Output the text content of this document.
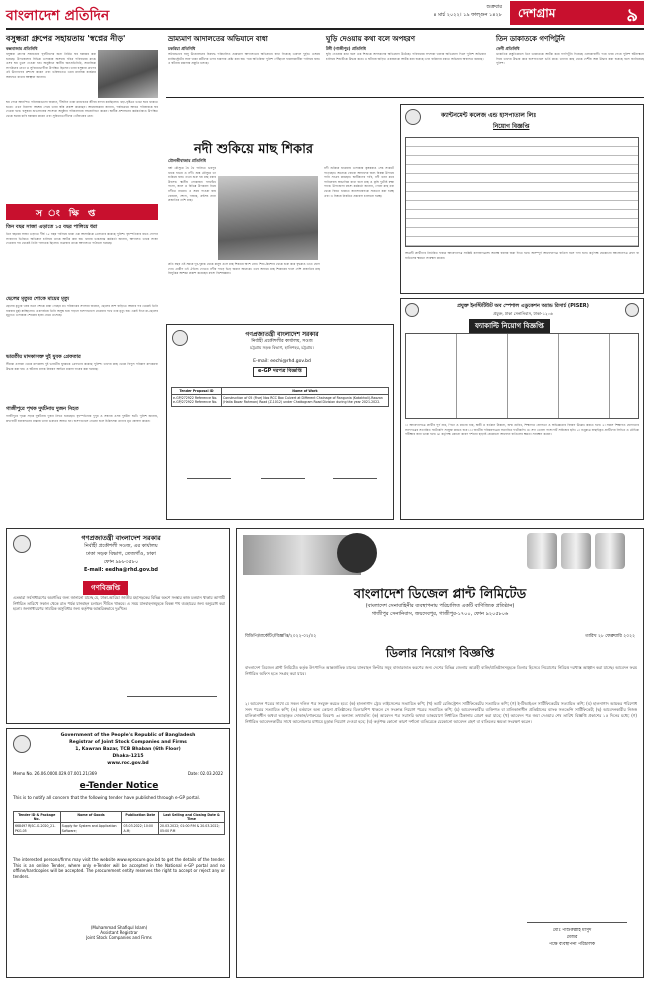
বাংলাদেশ প্রতিদিন
শুক্রবার
৪ মার্চ ২০২২। ১৯ ফাল্গুন ১৪২৮ দেশগ্রাম	৯
বসুন্ধরা গ্রুপের সহায়তায় 'স্বপ্নের নীড়'
কক্সবাজার প্রতিনিধি
বসুন্ধরা গ্রুপের সহায়তায় গৃহহীনদের জন্য নির্মিত ঘর হস্তান্তর করা হয়েছে। উপজেলার বিভিন্ন এলাকায় অসহায় দরিদ্র পরিবারের মাঝে এসব ঘর তুলে দেওয়া হয়। অনুষ্ঠানে স্থানীয় জনপ্রতিনিধি, সামাজিক সংগঠনের নেতা ও সুবিধাভোগীরা উপস্থিত ছিলেন। তারা বসুন্ধরা গ্রুপের এই উদ্যোগের প্রশংসা করেন এবং ভবিষ্যতেও এমন মানবিক কার্যক্রম অব্যাহত রাখার আহ্বান জানান।
ঘর পেয়ে আনন্দিত পরিবারগুলো জানান, দীর্ঘদিন তারা মানবেতর জীবন যাপন করছিলেন। ঝড়-বৃষ্টিতে ভাঙা ঘরে থাকতে হতো। এখন নিরাপদ আশ্রয় পেয়ে তারা স্বস্তি প্রকাশ করেছেন। আয়োজকরা জানান, পর্যায়ক্রমে আরও পরিবারকে ঘর দেওয়া হবে। বসুন্ধরা শুভসংঘের সদস্যরা অনুষ্ঠান পরিচালনায় সহযোগিতা করেন। স্থানীয় প্রশাসনের কর্মকর্তারাও উপস্থিত থেকে ঘরের চাবি হস্তান্তর করেন এবং সুবিধাভোগীদের খোঁজখবর নেন।
স ং ক্ষি প্ত
তিন বছর সাজা এড়াতে ১৫ বছর পালিয়ে ধরা
তিন বছরের সাজা এড়াতে দীর্ঘ ১৫ বছর পালিয়ে থাকা এক আসামিকে গ্রেফতার করেছে পুলিশ। বৃহস্পতিবার রাতে গোপন সংবাদের ভিত্তিতে অভিযান চালিয়ে তাকে আটক করা হয়। থানার ভারপ্রাপ্ত কর্মকর্তা জানান, আদালত তাকে সাজা দেওয়ার পর থেকেই তিনি পলাতক ছিলেন। শুক্রবার তাকে আদালতে পাঠানো হয়েছে।
ছেলের মৃত্যুর শোকে মায়ের মৃত্যু
ছেলের মৃত্যুর খবর শুনে শোকে মারা গেছেন মা। পরিবারের সদস্যরা জানান, ছেলের লাশ বাড়িতে আনার পর থেকেই তিনি বারবার মূর্ছা যাচ্ছিলেন। একপর্যায়ে তিনি অসুস্থ হয়ে পড়লে হাসপাতালে নেওয়ার পথে তার মৃত্যু হয়। একই দিনে মা-ছেলের মৃত্যুতে এলাকায় শোকের ছায়া নেমে এসেছে।
ভারতীয় মাদকাসক্ত দুই যুবক গ্রেফতার
সীমান্ত এলাকা থেকে মাদকসহ দুই ভারতীয় যুবককে গ্রেফতার করেছে পুলিশ। তাদের কাছ থেকে বিপুল পরিমাণ মাদকদ্রব্য উদ্ধার করা হয়। এ ঘটনায় মাদক নিয়ন্ত্রণ আইনে মামলা দায়ের করা হয়েছে।
গাজীপুরে পৃথক দুর্ঘটনায় দুজন নিহত
গাজীপুরে পৃথক সড়ক দুর্ঘটনায় দুজন নিহত হয়েছেন। বৃহস্পতিবার দুপুর ও সন্ধ্যায় এসব দুর্ঘটনা ঘটে। পুলিশ জানায়, দ্রুতগামী যানবাহনের ধাক্কায় তারা গুরুতর আহত হন। হাসপাতালে নেওয়া হলে চিকিৎসক তাদের মৃত ঘোষণা করেন।
ভ্রাম্যমাণ আদালতের অভিযানে বাধা
চকরিয়া প্রতিনিধি
অবৈধভাবে বালু উত্তোলনের বিরুদ্ধে পরিচালিত ভ্রাম্যমাণ আদালতের অভিযানে বাধা দিয়েছে একদল দুর্বৃত্ত। এসময় ম্যাজিস্ট্রেটের সঙ্গে থাকা কর্মীদের ওপর হামলার চেষ্টা করা হয়। পরে অতিরিক্ত পুলিশ পৌঁছালে হামলাকারীরা পালিয়ে যায়। এ ঘটনায় মামলার প্রস্তুতি চলছে।
ঘুড়ি দেওয়ায় কথা বলে অপহরণ
টঙ্গী (গাজীপুর) প্রতিনিধি
ঘুড়ি দেওয়ার কথা বলে এক শিশুকে অপহরণের অভিযোগ উঠেছে। পরিবারের সদস্যরা থানায় অভিযোগ দিলে পুলিশ অভিযান চালিয়ে শিশুটিকে উদ্ধার করে। এ ঘটনায় জড়িত একজনকে আটক করা হয়েছে এবং বাকিদের ধরতে অভিযান অব্যাহত রয়েছে।
তিন ডাকাতকে গণপিটুনি
ফেনী প্রতিনিধি
ডাকাতির প্রস্তুতিকালে তিন ডাকাতকে আটক করে গণপিটুনি দিয়েছে এলাকাবাসী। পরে খবর পেয়ে পুলিশ ঘটনাস্থলে গিয়ে তাদের উদ্ধার করে হাসপাতালে ভর্তি করে। তাদের কাছ থেকে দেশীয় অস্ত্র উদ্ধার করা হয়েছে বলে জানিয়েছে পুলিশ।
নদী শুকিয়ে মাছ শিকার
মৌলভীবাজার প্রতিনিধি
বর্ষা মৌসুমে থৈ থৈ পানিতে ভরপুর থাকে হাওর ও নদী। শুষ্ক মৌসুমে তা শুকিয়ে যায়। তখন শুরু হয় মাছ ধরার উৎসব। স্থানীয় লোকজন দলবেঁধে পলো, জাল ও বিভিন্ন উপকরণ নিয়ে নদীতে নামেন। এ সময় পাওয়া যায় বোয়াল, শোল, গজার, রুইসহ নানা প্রজাতির দেশি মাছ।
প্রতি বছর এই সময়ে দূর-দূরান্ত থেকে মানুষ এসে মাছ শিকারে অংশ নেন। শিশু-কিশোর থেকে শুরু করে বৃদ্ধরাও এতে যোগ দেন। গ্রামীণ এই ঐতিহ্য দেখতে নদীর পাড়ে ভিড় জমান অনেকে। তবে অবাধে মাছ শিকারের ফলে দেশি প্রজাতির মাছ বিলুপ্তির আশঙ্কা প্রকাশ করেছেন মৎস্য বিশেষজ্ঞরা।
নদী শুকিয়ে যাওয়ায় এলাকার কৃষকরাও সেচ সংকটে পড়েছেন। অনেকে বোরো আবাদের জন্য বিকল্প উপায়ে পানি সংগ্রহ করছেন। স্থানীয়দের দাবি, নদী খনন করে পানিপ্রবাহ স্বাভাবিক রাখা হলে মাছ ও কৃষি দুটোই রক্ষা পাবে। উপজেলা মৎস্য কর্মকর্তা জানান, পোনা মাছ ধরা থেকে বিরত থাকতে জনসাধারণকে সচেতন করা হচ্ছে এবং এ বিষয়ে নিয়মিত প্রচারণা চালানো হচ্ছে।
ক্যান্টনমেন্ট কলেজ এন্ড হাসপাতাল লিঃ
নিয়োগ বিজ্ঞপ্তি
আগ্রহী প্রার্থীদের নির্ধারিত ফরমে আবেদনপত্র সংশ্লিষ্ট কাগজপত্রসহ অধ্যক্ষ বরাবর জমা দিতে হবে। অসম্পূর্ণ আবেদনপত্র বাতিল বলে গণ্য হবে। কর্তৃপক্ষ যেকোনো আবেদনপত্র গ্রহণ বা বাতিলের ক্ষমতা সংরক্ষণ করেন।
প্রযুক্ত ইনস্টিটিউট অব স্পেশাল এডুকেশন অ্যান্ড রিসার্চ (PISER)
প্রযুক্ত, ঢাকা সেনানিবাস, ঢাকা-১২০৬
ফ্যাকাল্টি নিয়োগ বিজ্ঞপ্তি
১। আবেদনপত্রে প্রার্থীর পূর্ণ নাম, পিতা ও মাতার নাম, স্থায়ী ও বর্তমান ঠিকানা, জন্ম তারিখ, শিক্ষাগত যোগ্যতা ও অভিজ্ঞতার বিবরণ উল্লেখ করতে হবে। ২। সকল শিক্ষাগত যোগ্যতার সনদপত্রের সত্যায়িত ফটোকপি সংযুক্ত করতে হবে। ৩। জাতীয় পরিচয়পত্রের সত্যায়িত ফটোকপি। ৪। সদ্য তোলা পাসপোর্ট সাইজের ছবি। ৫। শুধুমাত্র বাছাইকৃত প্রার্থীদের লিখিত ও মৌখিক পরীক্ষার জন্য ডাকা হবে। ৬। কর্তৃপক্ষ কোনো কারণ দর্শানো ছাড়াই যেকোনো আবেদন বাতিলের ক্ষমতা সংরক্ষণ করেন।
গণপ্রজাতন্ত্রী বাংলাদেশ সরকার
নির্বাহী প্রকৌশলীর কার্যালয়, সওজ
চট্টগ্রাম সড়ক বিভাগ, হালিশহর, চট্টগ্রাম।
E-mail: eechi@rhd.gov.bd
e-GP দরপত্র বিজ্ঞপ্তি
Tender Proposal ID	Name of Work
e-GP/272922 Reference No. e-GP/272922 Reference No.	Construction of 05 (Five) Nos RCC Box Culvert at Different Chainage of Rangunia (Katakhali)-Raozan (Hatia Bazar Rahman) Road (Z-1012) under Chattogram Road Division during the year 2021-2022.
গণপ্রজাতন্ত্রী বাংলাদেশ সরকার
নির্বাহী প্রকৌশলী সওজ, এর কার্যালয়
ঢাকা সড়ক বিভাগ, তেজগাঁও, ঢাকা
ফোন ৯৮৮৩৫৮০
E-mail: eedha@rhd.gov.bd
গণবিজ্ঞপ্তি
এতদ্বারা সর্বসাধারণের অবগতির জন্য জানানো যাচ্ছে যে, ঢাকা-আরিচা জাতীয় মহাসড়কের বিভিন্ন অংশে সংস্কার কাজ চলমান থাকায় আগামী নির্ধারিত তারিখে সকাল থেকে রাত পর্যন্ত যানবাহন চলাচল সীমিত থাকবে। এ সময় যানবাহনসমূহকে বিকল্প পথ ব্যবহারের জন্য অনুরোধ করা হলো। জনসাধারণের সাময়িক অসুবিধার জন্য কর্তৃপক্ষ আন্তরিকভাবে দুঃখিত।
Government of the People's Republic of Bangladesh
Registrar of Joint Stock Companies and Firms
1, Kawran Bazar, TCB Bhaban (6th Floor)
Dhaka-1215
www.roc.gov.bd
Memo No. 26.06.0000.029.07.001.21/369	Date: 02.03.2022
e-Tender Notice
This is to notify all concern that the following tender have published through e-GP portal.
Tender ID & Package No.	Name of Goods	Publication Date	Last Selling and Closing Date & Time
668497 RJSC-G-2020_21-PKG-05	Supply for System and Application Software;	03.03.2022; 10:00 A.M;	20.03.2022; 01:00 P.M & 20.03.2022; 05:00 P.M
The interested persons/firms may visit the website www.eprocure.gov.bd to get the details of the tender. This is an online Tender, where only e-Tender will be accepted in the National e-GP portal and no offline/hardcopies will be accepted. The procurement entity reserves the right to accept or reject any or tenders.
(Muhammad Shafiqul Islam)
Assistant Registrar
Joint Stock Companies and Firms
বাংলাদেশ ডিজেল প্লান্ট লিমিটেড
(বাংলাদেশ সেনাবাহিনীর ব্যবস্থাপনায় পরিচালিত একটি বাণিজ্যিক প্রতিষ্ঠান)
গাজীপুর সেনানিবাস, জয়দেবপুর, গাজীপুর-১৭০০, ফোন ৯২০৫৮০৬
বিডিপি/মার্কেটিং/বিজ্ঞপ্তি/২০২২-০২/০২	তারিখ ২৮ ফেব্রুয়ারি ২০২২
ডিলার নিয়োগ বিজ্ঞপ্তি
বাংলাদেশ ডিজেল প্লান্ট লিমিটেড কর্তৃক উৎপাদিত আন্তর্জাতিক মানের যানবাহন ফিল্টার সমূহ বাজারজাত করণের জন্য দেশের বিভিন্ন জেলায় আগ্রহী ব্যক্তি/প্রতিষ্ঠানসমূহকে ডিলার হিসেবে নিয়োগের নিমিত্তে দরখাস্ত আহ্বান করা যাচ্ছে। আবেদন ফরম নির্ধারিত অফিস হতে সংগ্রহ করা যাবে।
২। আবেদন পত্রের সাথে যে সকল দলিল পত্র সংযুক্ত করতে হবে: (ক) হালনাগাদ ট্রেড লাইসেন্সের সত্যায়িত কপি; (খ) ভ্যাট রেজিস্ট্রেশন সার্টিফিকেটের সত্যায়িত কপি; (গ) ই-টিআইএন সার্টিফিকেটের সত্যায়িত কপি; (ঘ) হালনাগাদ আয়কর পরিশোধ সনদ পত্রের সত্যায়িত কপি; (ঙ) বর্তমানে অন্য কোনো প্রতিষ্ঠানের ডিলারশিপ থাকলে সে সংক্রান্ত নিয়োগ পত্রের সত্যায়িত কপি; (চ) আবেদনকারীর ব্যক্তিগত বা মালিকানাধীন প্রতিষ্ঠানের ব্যাংক সলভেন্সি সার্টিফিকেট; (ছ) আবেদনকারীর নিজস্ব মালিকানাধীন অথবা ভাড়াকৃত দোকান/শোরুমের বিবরণ। ৩। অন্যান্য তথ্যাবলি: (ক) আবেদন পত্র সরাসরি অথবা ডাকযোগে নির্ধারিত ঠিকানায় প্রেরণ করা যাবে; (খ) আবেদন পত্র জমা দেওয়ার শেষ তারিখ বিজ্ঞপ্তি প্রকাশের ১৫ দিনের মধ্যে; (গ) নির্ধারিত আবেদনকারীর সাথে আলোচনার মাধ্যমে চূড়ান্ত নিয়োগ দেওয়া হবে; (ঘ) কর্তৃপক্ষ কোনো কারণ দর্শানো ব্যতিরেকে যেকোনো আবেদন গ্রহণ বা বাতিলের ক্ষমতা সংরক্ষণ করেন।
মোঃ পাশুরুল্লাহ মাসুদ
মেজর
পক্ষে ব্যবস্থাপনা পরিচালক
